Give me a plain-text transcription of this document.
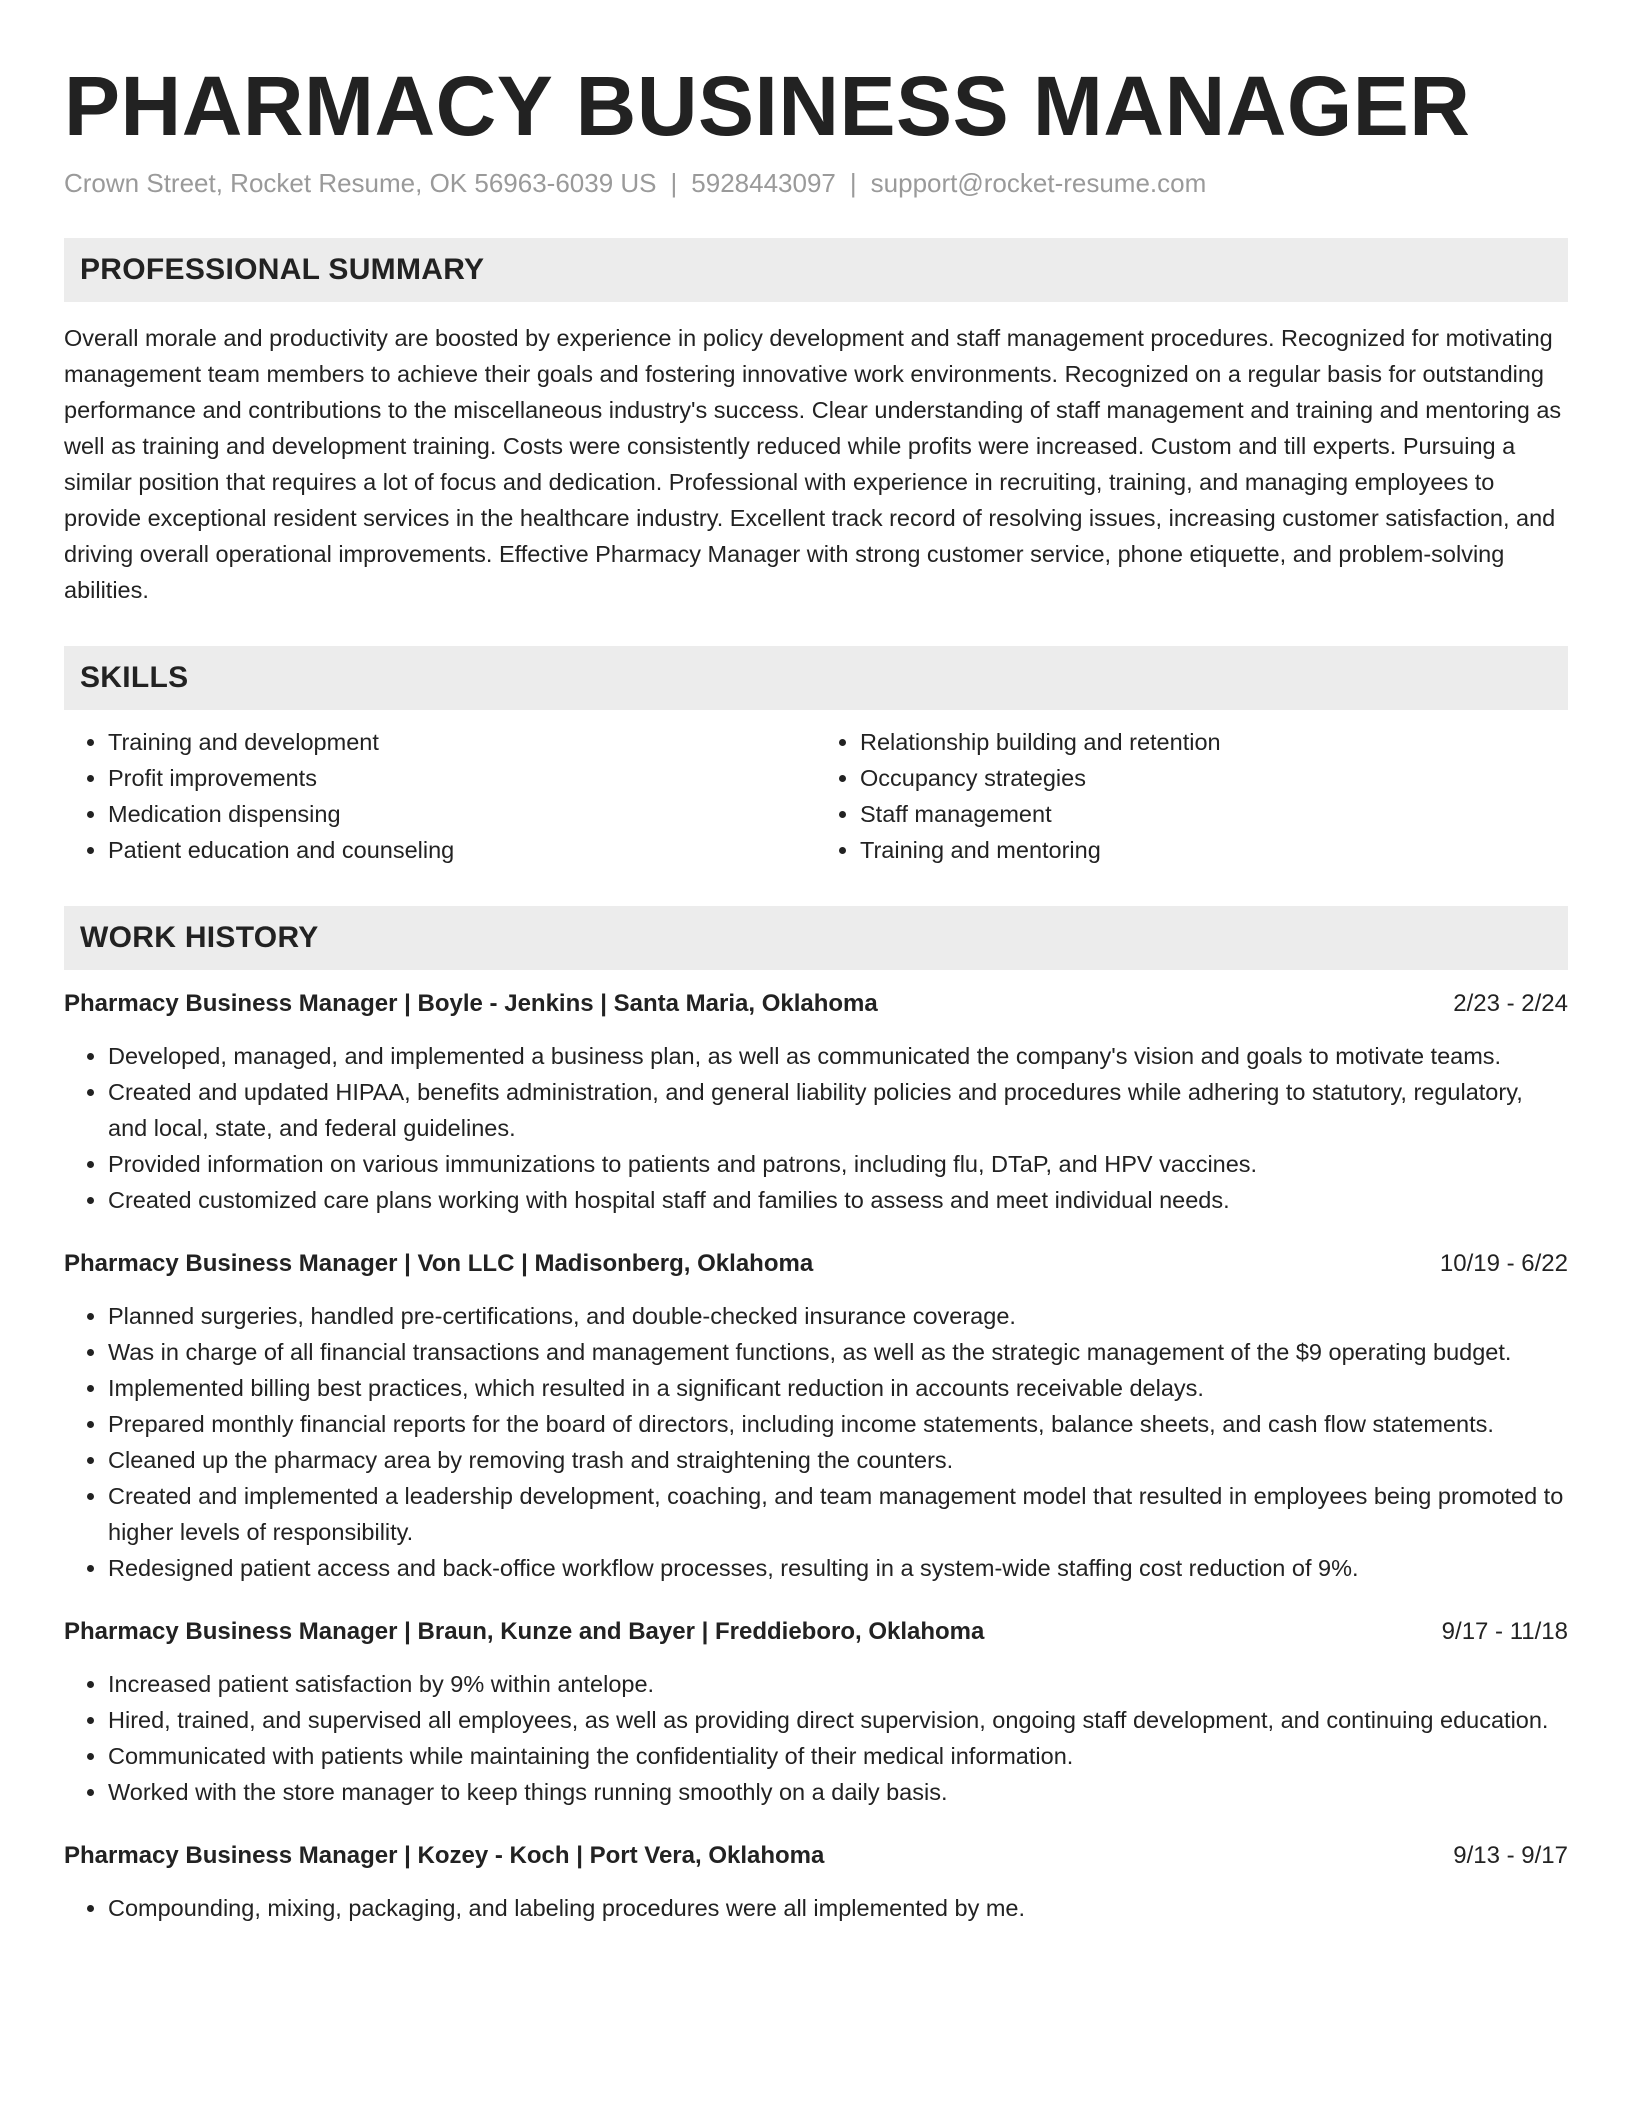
PHARMACY BUSINESS MANAGER
Crown Street, Rocket Resume, OK 56963-6039 US | 5928443097 | support@rocket-resume.com
PROFESSIONAL SUMMARY

Overall morale and productivity are boosted by experience in policy development and staff management procedures. Recognized for motivating management team members to achieve their goals and fostering innovative work environments. Recognized on a regular basis for outstanding performance and contributions to the miscellaneous industry's success. Clear understanding of staff management and training and mentoring as well as training and development training. Costs were consistently reduced while profits were increased. Custom and till experts. Pursuing a similar position that requires a lot of focus and dedication. Professional with experience in recruiting, training, and managing employees to provide exceptional resident services in the healthcare industry. Excellent track record of resolving issues, increasing customer satisfaction, and driving overall operational improvements. Effective Pharmacy Manager with strong customer service, phone etiquette, and problem-solving abilities.

SKILLS
• Training and development
• Profit improvements
• Medication dispensing
• Patient education and counseling
• Relationship building and retention
• Occupancy strategies
• Staff management
• Training and mentoring
WORK HISTORY
Pharmacy Business Manager | Boyle - Jenkins | Santa Maria, Oklahoma	2/23 - 2/24
• Developed, managed, and implemented a business plan, as well as communicated the company's vision and goals to motivate teams.
• Created and updated HIPAA, benefits administration, and general liability policies and procedures while adhering to statutory, regulatory, and local, state, and federal guidelines.
• Provided information on various immunizations to patients and patrons, including flu, DTaP, and HPV vaccines.
• Created customized care plans working with hospital staff and families to assess and meet individual needs.
Pharmacy Business Manager | Von LLC | Madisonberg, Oklahoma	10/19 - 6/22
• Planned surgeries, handled pre-certifications, and double-checked insurance coverage.
• Was in charge of all financial transactions and management functions, as well as the strategic management of the $9 operating budget.
• Implemented billing best practices, which resulted in a significant reduction in accounts receivable delays.
• Prepared monthly financial reports for the board of directors, including income statements, balance sheets, and cash flow statements.
• Cleaned up the pharmacy area by removing trash and straightening the counters.
• Created and implemented a leadership development, coaching, and team management model that resulted in employees being promoted to higher levels of responsibility.
• Redesigned patient access and back-office workflow processes, resulting in a system-wide staffing cost reduction of 9%.
Pharmacy Business Manager | Braun, Kunze and Bayer | Freddieboro, Oklahoma	9/17 - 11/18
• Increased patient satisfaction by 9% within antelope.
• Hired, trained, and supervised all employees, as well as providing direct supervision, ongoing staff development, and continuing education.
• Communicated with patients while maintaining the confidentiality of their medical information.
• Worked with the store manager to keep things running smoothly on a daily basis.
Pharmacy Business Manager | Kozey - Koch | Port Vera, Oklahoma	9/13 - 9/17
• Compounding, mixing, packaging, and labeling procedures were all implemented by me.
